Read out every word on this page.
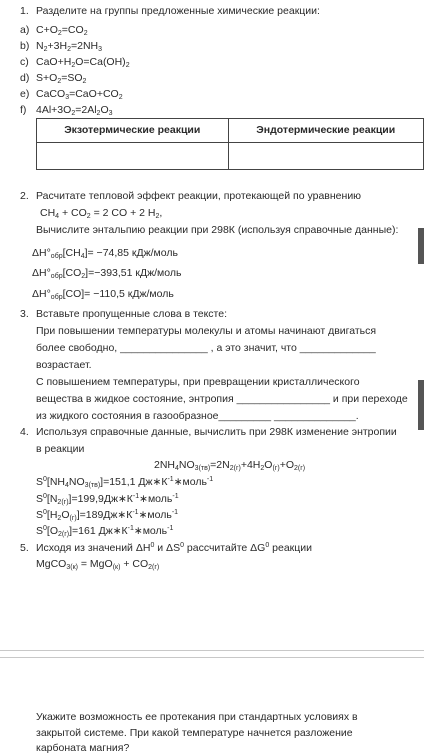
1. Разделите на группы предложенные химические реакции:
a) $C+O_2=CO_2$
b) $N_2+3H_2=2NH_3$
c) $CaO+H_2O=Ca(OH)_2$
d) $S+O_2=SO_2$
e) $CaCO_3=CaO+CO_2$
f) $4Al+3O_2=2Al_2O_3$
Экзотермические реакции	Эндотермические реакции

2. Расчитате тепловой эффект реакции, протекающей по уравнению
$CH_4 + CO_2 = 2$ CO + 2 $H_2$,
Вычислите энтальпию реакции при 298К (используя справочные данные):
$\Delta H^\circ_{обр}[CH_4]= -74,85$ кДж/моль
$\Delta H^\circ_{обр}[CO_2]=-393,51$ кДж/моль
$\Delta H^\circ_{обр}[CO]= -110,5$ кДж/моль
3. Вставьте пропущенные слова в тексте:
При повышении температуры молекулы и атомы начинают двигаться
более свободно, _______________ , а это значит, что _____________
возрастает.
С повышением температуры, при превращении кристаллического
вещества в жидкое состояние, энтропия ________________ и при переходе
из жидкого состояния в газообразное_________ ______________.
4. Используя справочные данные, вычислить при 298К изменение энтропии
в реакции
$2NH_4NO_{3(тв)}=2N_{2(г)}+4H_2O_{(г)}+O_{2(г)}$
$S^0[NH_4NO_{3(тв)}]=151,1$ $Дж∗К^{-1}∗моль^{-1}$
$S^0[N_{2(г)}]=199,9Дж∗К^{-1}∗моль^{-1}$
$S^0[H_2O_{(г)}]=189Дж∗К^{-1}∗моль^{-1}$
$S^0[O_{2(г)}]=161$ $Дж∗К^{-1}∗моль^{-1}$
5. Исходя из значений $\Delta H^0$ и $\Delta S^0$ рассчитайте $\Delta G^0$ реакции
MgCO$_{3(к)}$ = $MgO_{(к)} + CO_{2(г)}$
Укажите возможность ее протекания при стандартных условиях в
закрытой системе. При какой температуре начнется разложение
карбоната магния?
